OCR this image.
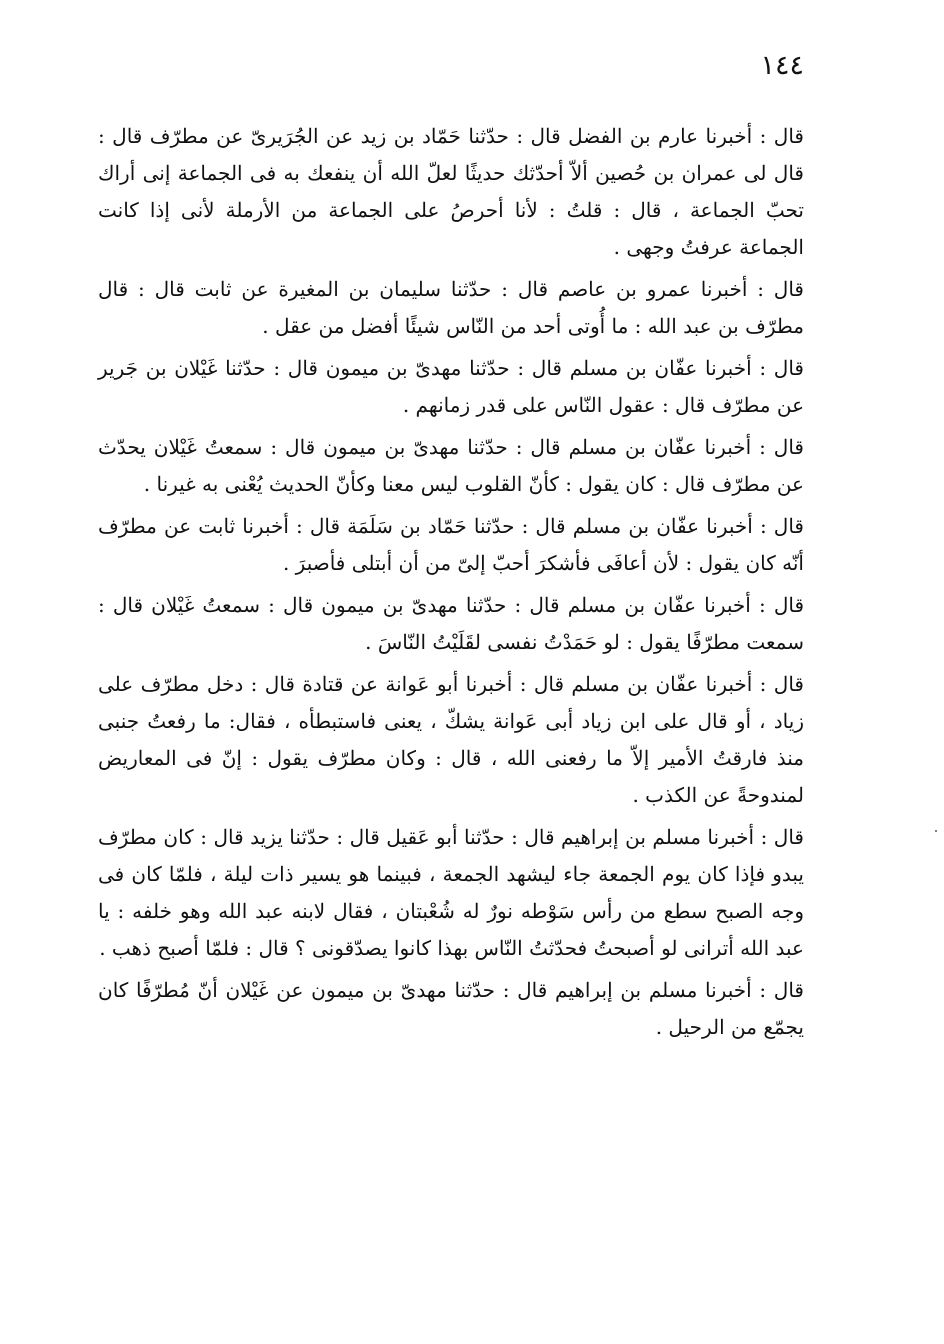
١٤٤

قال : أخبرنا عارم بن الفضل قال : حدّثنا حَمّاد بن زيد عن الجُرَيرىّ عن مطرّف قال : قال لى عمران بن حُصين ألاّ أحدّثك حديثًا لعلّ الله أن ينفعك به فى الجماعة إنى أراك تحبّ الجماعة ، قال : قلتُ : لأنا أحرصُ على الجماعة من الأرملة لأنى إذا كانت الجماعة عرفتُ وجهى .

قال : أخبرنا عمرو بن عاصم قال : حدّثنا سليمان بن المغيرة عن ثابت قال : قال مطرّف بن عبد الله : ما أُوتى أحد من النّاس شيئًا أفضل من عقل .

قال : أخبرنا عفّان بن مسلم قال : حدّثنا مهدىّ بن ميمون قال : حدّثنا غَيْلان بن جَرير عن مطرّف قال : عقول النّاس على قدر زمانهم .

قال : أخبرنا عفّان بن مسلم قال : حدّثنا مهدىّ بن ميمون قال : سمعتُ غَيْلان يحدّث عن مطرّف قال : كان يقول : كأنّ القلوب ليس معنا وكأنّ الحديث يُعْنى به غيرنا .

قال : أخبرنا عفّان بن مسلم قال : حدّثنا حَمّاد بن سَلَمَة قال : أخبرنا ثابت عن مطرّف أنّه كان يقول : لأن أعافَى فأشكرَ أحبّ إلىّ من أن أبتلى فأصبرَ .

قال : أخبرنا عفّان بن مسلم قال : حدّثنا مهدىّ بن ميمون قال : سمعتُ غَيْلان قال : سمعت مطرّفًا يقول : لو حَمَدْتُ نفسى لقَلَيْتُ النّاسَ .

قال : أخبرنا عفّان بن مسلم قال : أخبرنا أبو عَوانة عن قتادة قال : دخل مطرّف على زياد ، أو قال على ابن زياد أبى عَوانة يشكّ ، يعنى فاستبطأه ، فقال: ما رفعتُ جنبى منذ فارقتُ الأمير إلاّ ما رفعنى الله ، قال : وكان مطرّف يقول : إنّ فى المعاريض لمندوحةً عن الكذب .

قال : أخبرنا مسلم بن إبراهيم قال : حدّثنا أبو عَقيل قال : حدّثنا يزيد قال : كان مطرّف يبدو فإذا كان يوم الجمعة جاء ليشهد الجمعة ، فبينما هو يسير ذات ليلة ، فلمّا كان فى وجه الصبح سطع من رأس سَوْطه نورٌ له شُعْبتان ، فقال لابنه عبد الله وهو خلفه : يا عبد الله أترانى لو أصبحتُ فحدّثتُ النّاس بهذا كانوا يصدّقونى ؟ قال : فلمّا أصبح ذهب .

قال : أخبرنا مسلم بن إبراهيم قال : حدّثنا مهدىّ بن ميمون عن غَيْلان أنّ مُطرّفًا كان يجمّع من الرحيل .
